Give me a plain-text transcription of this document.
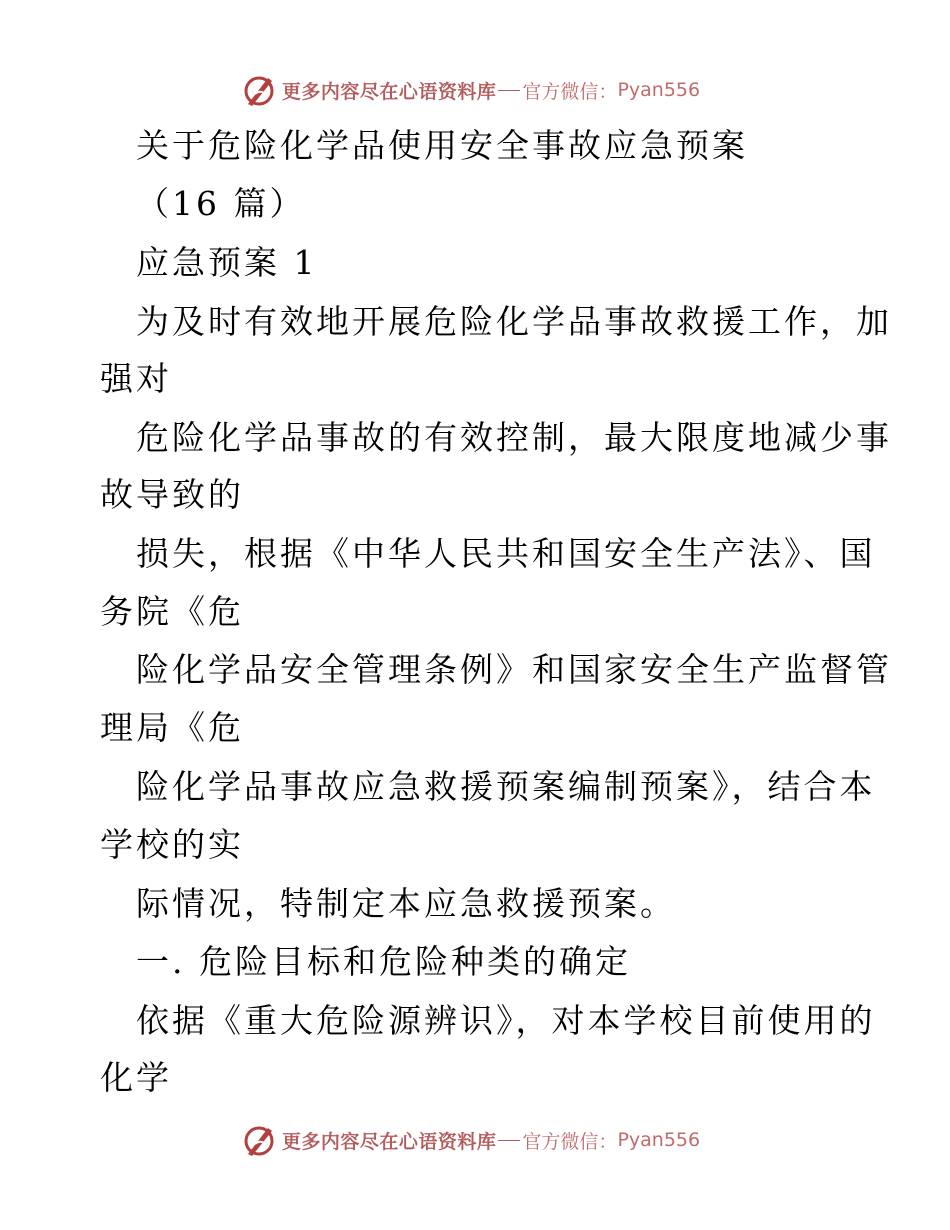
更多内容尽在心语资料库 官方微信： Pyan556
关于危险化学品使用安全事故应急预案
（16 篇）
应急预案 1
为及时有效地开展危险化学品事故救援工作，加
强对
危险化学品事故的有效控制，最大限度地减少事
故导致的
损失，根据《中华人民共和国安全生产法》、国
务院《危
险化学品安全管理条例》和国家安全生产监督管
理局《危
险化学品事故应急救援预案编制预案》，结合本
学校的实
际情况，特制定本应急救援预案。
一. 危险目标和危险种类的确定
依据《重大危险源辨识》，对本学校目前使用的
化学
更多内容尽在心语资料库 官方微信： Pyan556
